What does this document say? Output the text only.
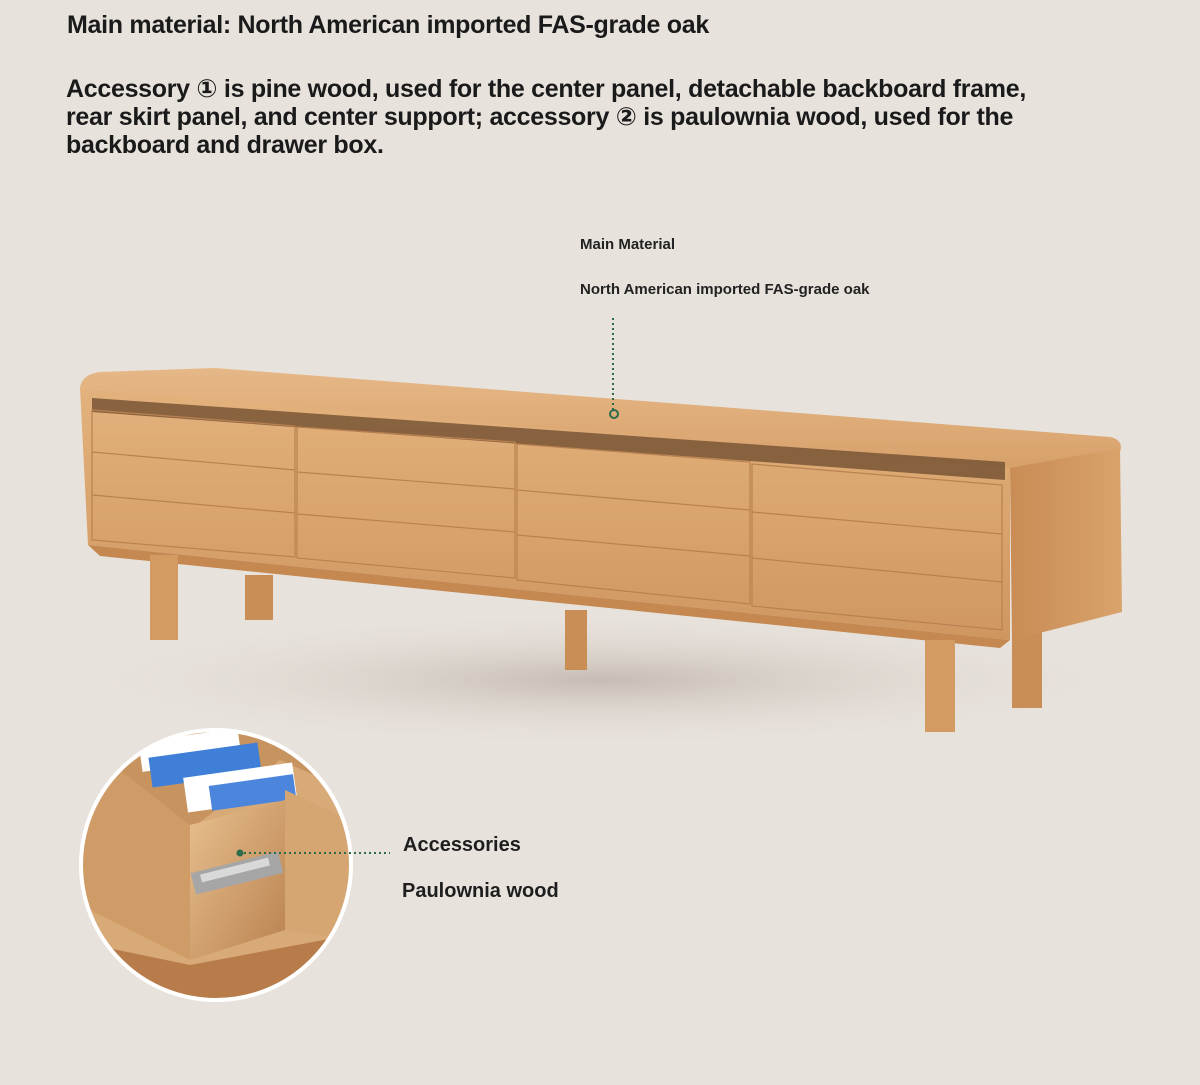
Main material: North American imported FAS-grade oak
Accessory ① is pine wood, used for the center panel, detachable backboard frame, rear skirt panel, and center support; accessory ② is paulownia wood, used for the backboard and drawer box.
Main Material
North American imported FAS-grade oak
Accessories
Paulownia wood
